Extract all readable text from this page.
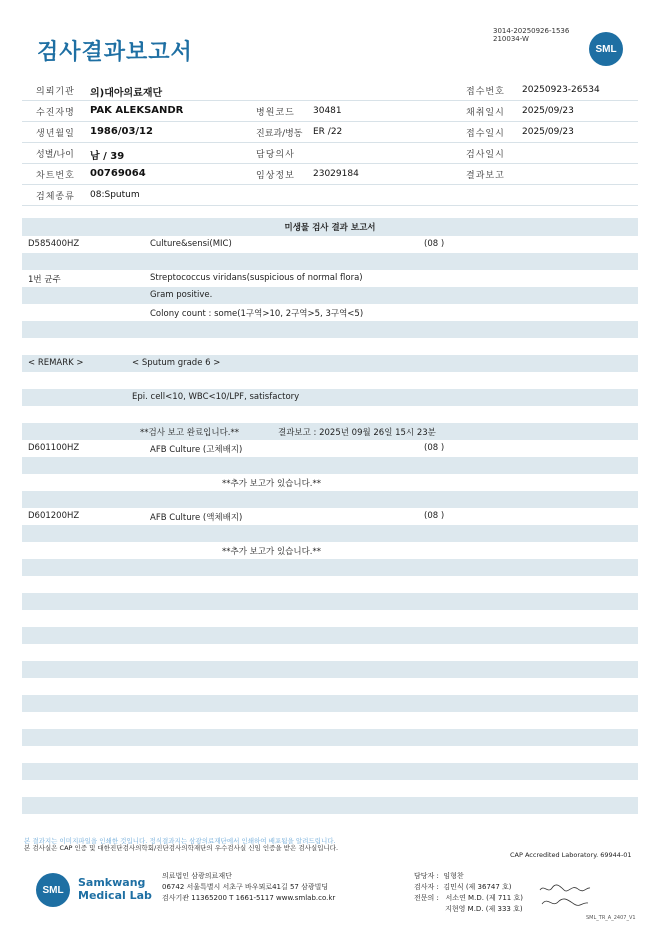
검사결과보고서
3014-20250926-1536
210034-W
SML
의뢰기관 의)대아의료재단	접수번호 20250923-26534
수진자명 PAK ALEKSANDR	병원코드 30481	채취일시 2025/09/23
생년월일 1986/03/12	진료과/병동 ER /22	접수일시 2025/09/23
성별/나이 남 / 39	담당의사	검사일시
차트번호 00769064	임상정보 23029184	결과보고
검체종류 08:Sputum
미생물 검사 결과 보고서
D585400HZ	Culture&sensi(MIC)	(08 )
1번 균주	Streptococcus viridans(suspicious of normal flora)
Gram positive.
Colony count : some(1구역>10, 2구역>5, 3구역<5)
< REMARK >	< Sputum grade 6 >
Epi. cell<10, WBC<10/LPF, satisfactory
**검사 보고 완료입니다.**	결과보고 : 2025년 09월 26일 15시 23분
D601100HZ	AFB Culture (고체배지)	(08 )
**추가 보고가 있습니다.**
D601200HZ	AFB Culture (액체배지)	(08 )
**추가 보고가 있습니다.**
본 결과지는 이미지파일을 인쇄한 것입니다. 정식결과지는 삼광의료재단에서 인쇄하여 배포됨을 알려드립니다.
본 검사실은 CAP 인증 및 대한진단검사의학회/진단검사의학재단의 우수검사실 신임 인증을 받은 검사실입니다.
CAP Accredited Laboratory. 69944-01
SML
Samkwang
Medical Lab
의료법인 삼광의료재단
06742 서울특별시 서초구 바우뫼로41길 57 삼광빌딩
검사기관 11365200 T 1661-5117 www.smlab.co.kr
담당자 :  임형찬
검사자 :  김민식 (제 36747 호)
전문의 :   서소연 M.D. (제 711 호)
지현영 M.D. (제 333 호)
SML_TR_A_2407_V1
